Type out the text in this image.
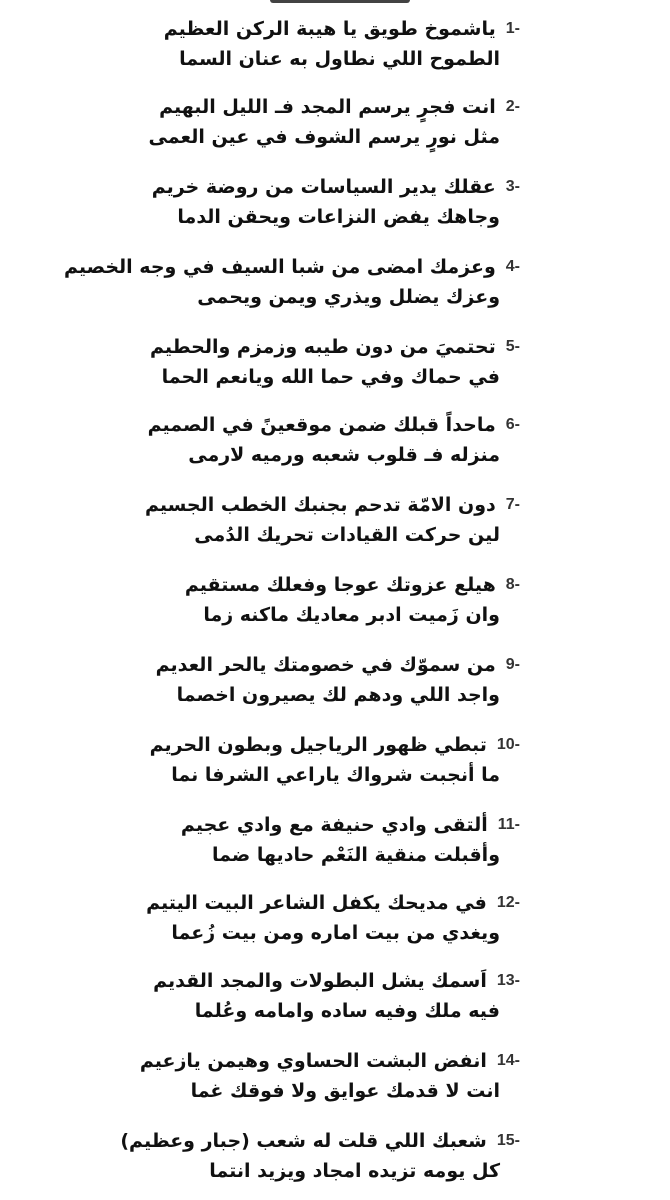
1-
ياشموخ طويق يا هيبة الركن العظيم
الطموح اللي نطاول به عنان السما
2-
انت فجرٍ يرسم المجد فـ الليل البهيم
مثل نورٍ يرسم الشوف في عين العمى
3-
عقلك يدير السياسات من روضة خريم
وجاهك يفض النزاعات ويحقن الدما
4-
وعزمك امضى من شبا السيف في وجه الخصيم
وعزك يضلل ويذري ويمن ويحمى
5-
تحتميَ من دون طيبه وزمزم والحطيم
في حماك وفي حما الله ويانعم الحما
6-
ماحداً قبلك ضمن موقعينً في الصميم
منزله فـ قلوب شعبه ورميه لارمى
7-
دون الامّة تدحم بجنبك الخطب الجسيم
لين حركت القيادات تحريك الدُمى
8-
هيلع عزوتك عوجا وفعلك مستقيم
وان زَميت ادبر معاديك ماكنه زما
9-
من سموّك في خصومتك يالحر العديم
واجد اللي ودهم لك يصيرون اخصما
10-
تبطي ظهور الرياجيل وبطون الحريم
ما أنجبت شرواك ياراعي الشرفا نما
11-
ألتقى وادي حنيفة مع وادي عجيم
وأقبلت منقية النَعْم حاديها ضما
12-
في مديحك يكفل الشاعر البيت اليتيم
ويغدي من بيت اماره ومن بيت زُعما
13-
اَسمك يشل البطولات والمجد القديم
فيه ملك وفيه ساده وامامه وعُلما
14-
انفض البشت الحساوي وهيمن يازعيم
انت لا قدمك عوايق ولا فوقك غما
15-
شعبك اللي قلت له شعب (جبار وعظيم)
كل يومه تزيده امجاد ويزيد انتما
